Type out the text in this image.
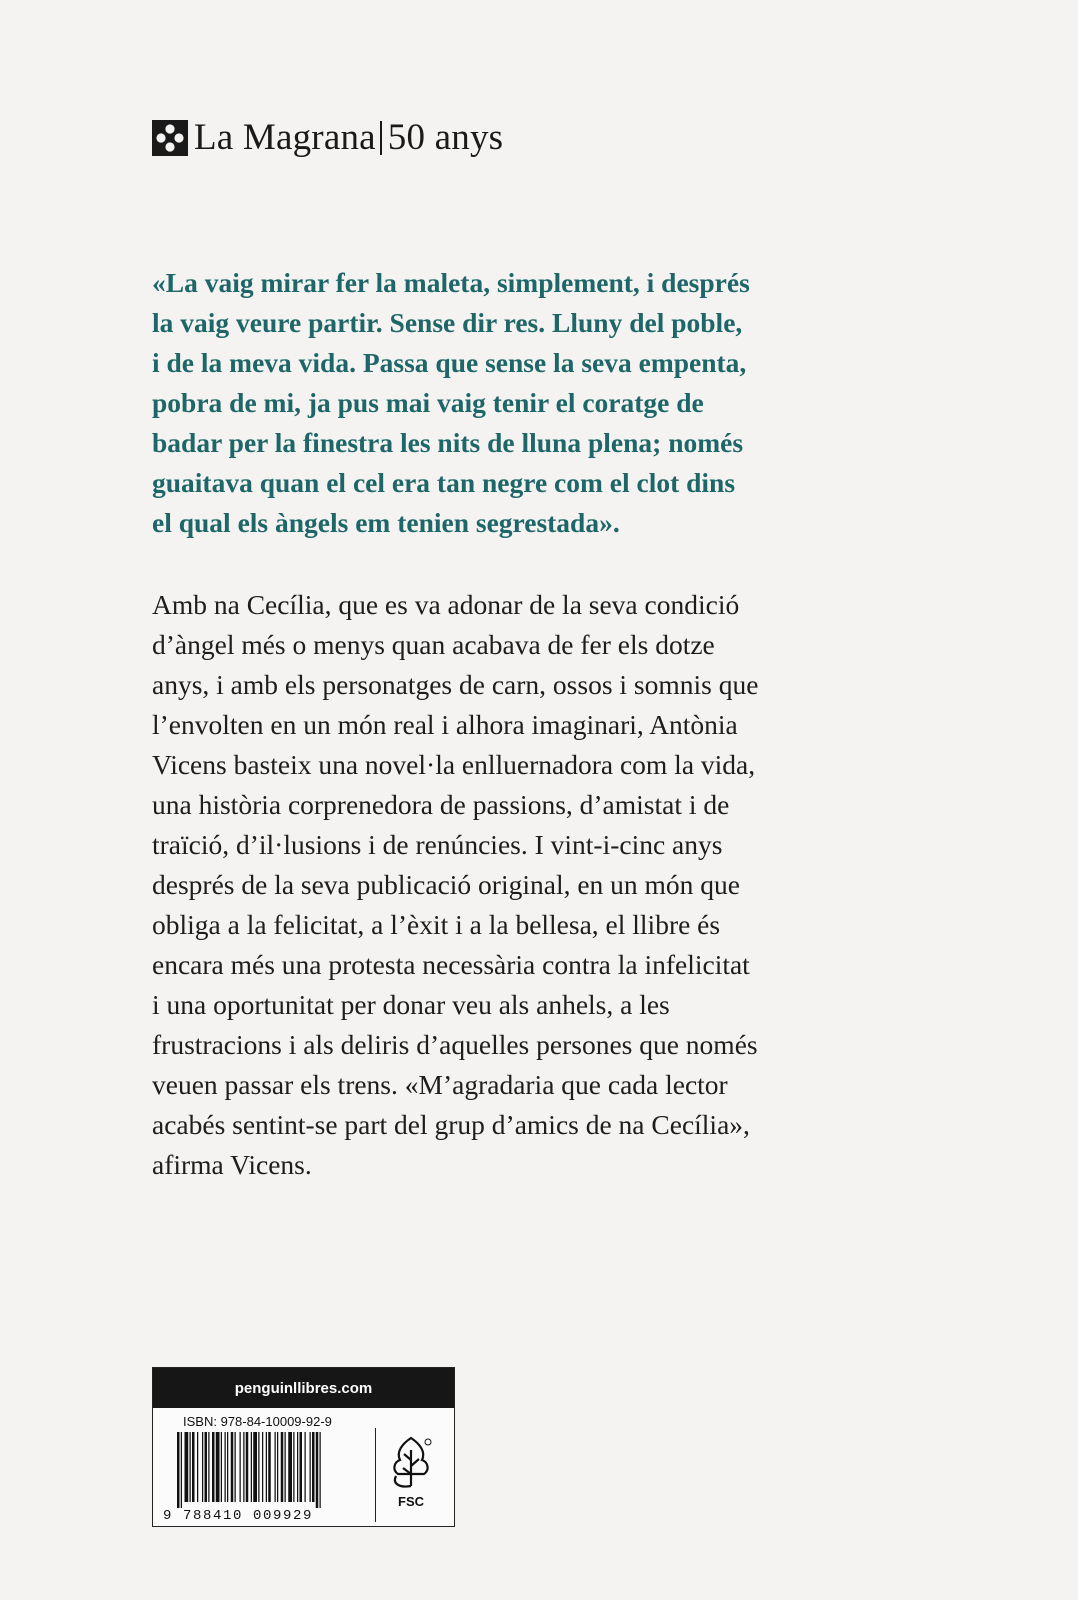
La Magrana 50 anys
«La vaig mirar fer la maleta, simplement, i després
la vaig veure partir. Sense dir res. Lluny del poble,
i de la meva vida. Passa que sense la seva empenta,
pobra de mi, ja pus mai vaig tenir el coratge de
badar per la finestra les nits de lluna plena; només
guaitava quan el cel era tan negre com el clot dins
el qual els àngels em tenien segrestada».
Amb na Cecília, que es va adonar de la seva condició
d’àngel més o menys quan acabava de fer els dotze
anys, i amb els personatges de carn, ossos i somnis que
l’envolten en un món real i alhora imaginari, Antònia
Vicens basteix una novel·la enlluernadora com la vida,
una història corprenedora de passions, d’amistat i de
traïció, d’il·lusions i de renúncies. I vint-i-cinc anys
després de la seva publicació original, en un món que
obliga a la felicitat, a l’èxit i a la bellesa, el llibre és
encara més una protesta necessària contra la infelicitat
i una oportunitat per donar veu als anhels, a les
frustracions i als deliris d’aquelles persones que només
veuen passar els trens. «M’agradaria que cada lector
acabés sentint-se part del grup d’amics de na Cecília»,
afirma Vicens.
penguinllibres.com
ISBN: 978-84-10009-92-9
9 788410 009929
FSC
